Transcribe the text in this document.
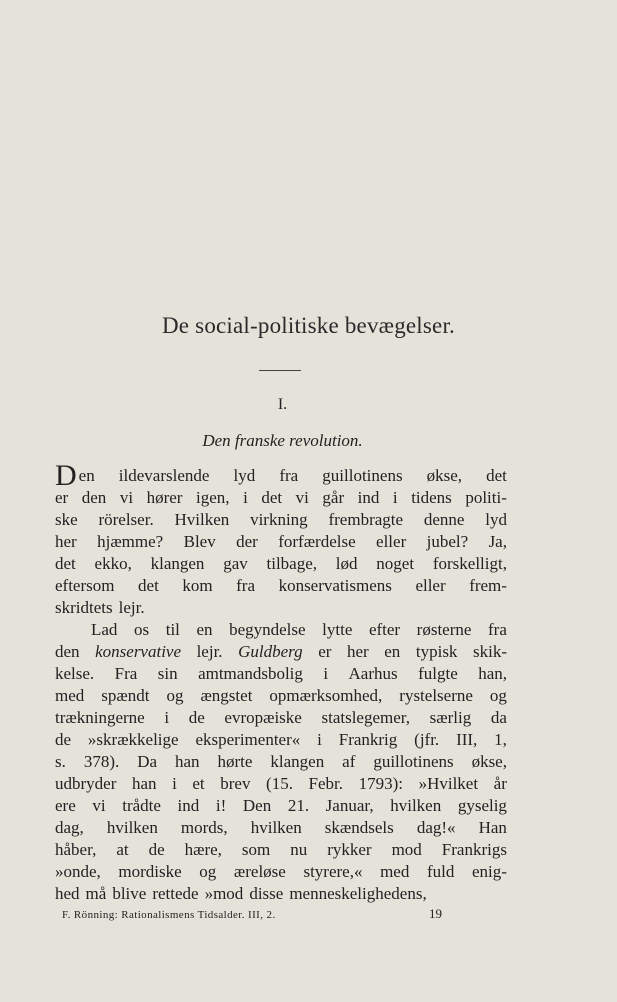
De social-politiske bevægelser.
I.
Den franske revolution.
Den ildevarslende lyd fra guillotinens økse, det
er den vi hører igen, i det vi går ind i tidens politi-
ske rörelser. Hvilken virkning frembragte denne lyd
her hjæmme? Blev der forfærdelse eller jubel? Ja,
det ekko, klangen gav tilbage, lød noget forskelligt,
eftersom det kom fra konservatismens eller frem-
skridtets lejr.
Lad os til en begyndelse lytte efter røsterne fra
den konservative lejr. Guldberg er her en typisk skik-
kelse. Fra sin amtmandsbolig i Aarhus fulgte han,
med spændt og ængstet opmærksomhed, rystelserne og
trækningerne i de evropæiske statslegemer, særlig da
de »skrækkelige eksperimenter« i Frankrig (jfr. III, 1,
s. 378). Da han hørte klangen af guillotinens økse,
udbryder han i et brev (15. Febr. 1793): »Hvilket år
ere vi trådte ind i! Den 21. Januar, hvilken gyselig
dag, hvilken mords, hvilken skændsels dag!« Han
håber, at de hære, som nu rykker mod Frankrigs
»onde, mordiske og æreløse styrere,« med fuld enig-
hed må blive rettede »mod disse menneskelighedens,
F. Rönning: Rationalismens Tidsalder. III, 2.	19
